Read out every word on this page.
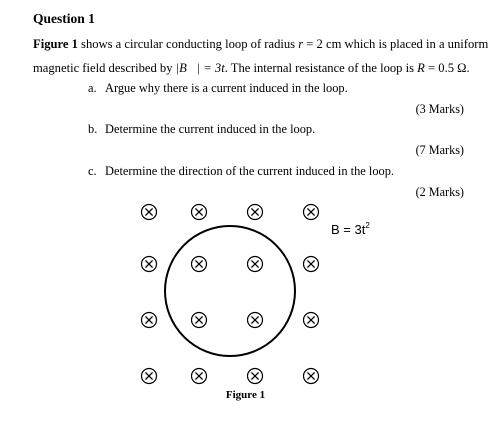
Question 1
Figure 1 shows a circular conducting loop of radius r = 2 cm which is placed in a uniform
magnetic field described by |B⃗| = 3t. The internal resistance of the loop is R = 0.5 Ω.
a. Argue why there is a current induced in the loop.
(3 Marks)
b. Determine the current induced in the loop.
(7 Marks)
c. Determine the direction of the current induced in the loop.
(2 Marks)
$B = 3t^2$
Figure 1
